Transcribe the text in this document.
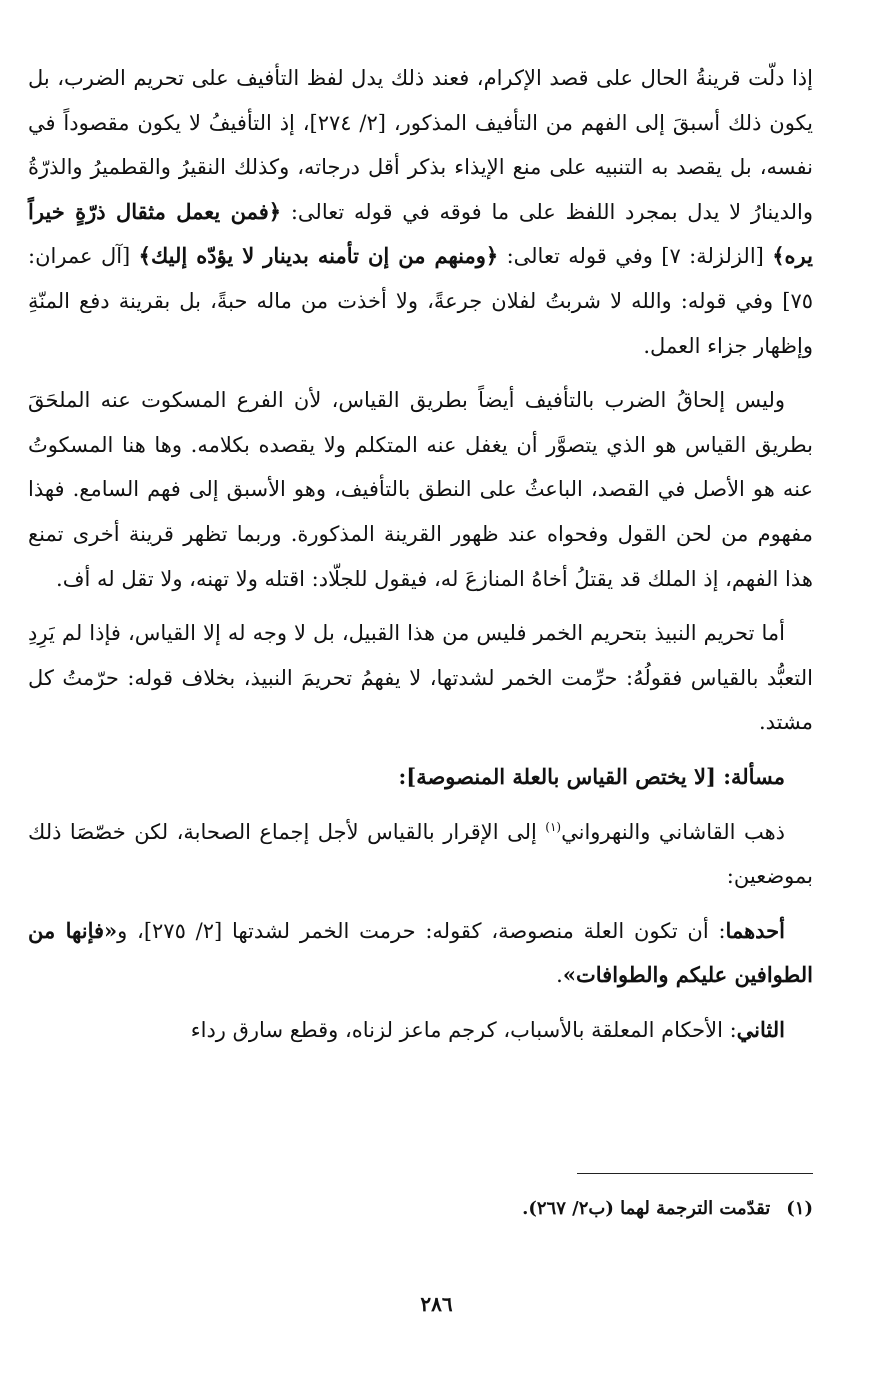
إذا دلّت قرينةُ الحال على قصد الإكرام، فعند ذلك يدل لفظ التأفيف على تحريم الضرب، بل يكون ذلك أسبقَ إلى الفهم من التأفيف المذكور، [٢/ ٢٧٤]، إذ التأفيفُ لا يكون مقصوداً في نفسه، بل يقصد به التنبيه على منع الإيذاء بذكر أقل درجاته، وكذلك النقيرُ والقطميرُ والذرّةُ والدينارُ لا يدل بمجرد اللفظ على ما فوقه في قوله تعالى: ﴿فمن يعمل مثقال ذرّةٍ خيراً يره﴾ [الزلزلة: ٧] وفي قوله تعالى: ﴿ومنهم من إن تأمنه بدينار لا يؤدّه إليك﴾ [آل عمران: ٧٥] وفي قوله: والله لا شربتُ لفلان جرعةً، ولا أخذت من ماله حبةً، بل بقرينة دفع المنّةِ وإظهار جزاء العمل.

وليس إلحاقُ الضرب بالتأفيف أيضاً بطريق القياس، لأن الفرع المسكوت عنه الملحَقَ بطريق القياس هو الذي يتصوَّر أن يغفل عنه المتكلم ولا يقصده بكلامه. وها هنا المسكوتُ عنه هو الأصل في القصد، الباعثُ على النطق بالتأفيف، وهو الأسبق إلى فهم السامع. فهذا مفهوم من لحن القول وفحواه عند ظهور القرينة المذكورة. وربما تظهر قرينة أخرى تمنع هذا الفهم، إذ الملك قد يقتلُ أخاهُ المنازعَ له، فيقول للجلّاد: اقتله ولا تهنه، ولا تقل له أف.

أما تحريم النبيذ بتحريم الخمر فليس من هذا القبيل، بل لا وجه له إلا القياس، فإذا لم يَرِدِ التعبُّد بالقياس فقولُهُ: حرِّمت الخمر لشدتها، لا يفهمُ تحريمَ النبيذ، بخلاف قوله: حرّمتُ كل مشتد.

مسألة: [لا يختص القياس بالعلة المنصوصة]:

ذهب القاشاني والنهرواني$^{(١)}$ إلى الإقرار بالقياس لأجل إجماع الصحابة، لكن خصّصَا ذلك بموضعين:

أحدهما: أن تكون العلة منصوصة، كقوله: حرمت الخمر لشدتها [٢/ ٢٧٥]، و«فإنها من الطوافين عليكم والطوافات».

الثاني: الأحكام المعلقة بالأسباب، كرجم ماعز لزناه، وقطع سارق رداء

(١)تقدّمت الترجمة لهما (ب٢/ ٢٦٧).
٢٨٦
